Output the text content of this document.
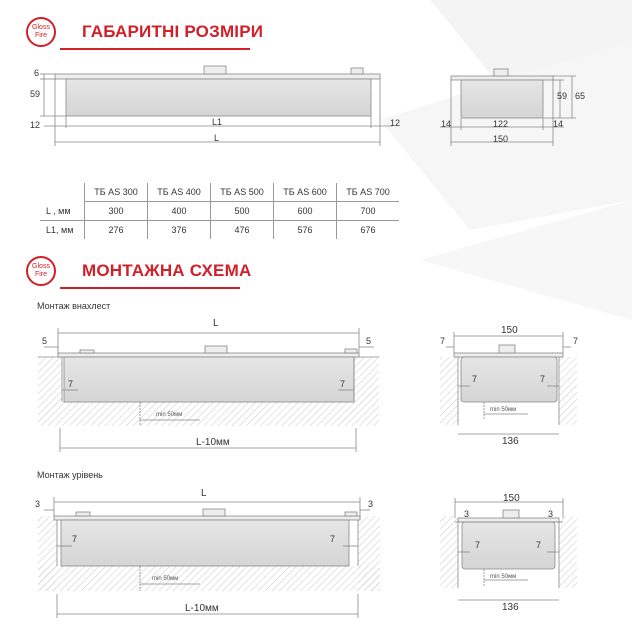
Gloss
Fire ГАБАРИТНІ РОЗМІРИ
Gloss
Fire МОНТАЖНА СХЕМА
6
59
12	12
L1
L
59 65
14	122	14
150
	ТБ AS 300	ТБ AS 400	ТБ AS 500	ТБ AS 600	ТБ AS 700
L , мм	300	400	500	600	700
L1, мм	276	376	476	576	676
Монтаж внахлест
L
5	5
7	7
min 50мм
L-10мм
150
7	7
7	7
min 50мм
136
Монтаж урівень
L
3	3
7	7
min 50мм
L-10мм
150
3	3
7	7
min 50мм
136
